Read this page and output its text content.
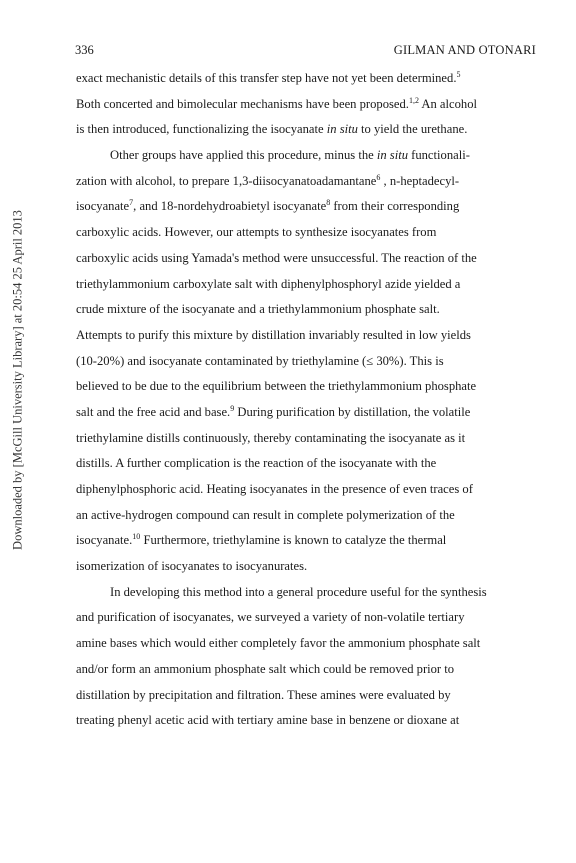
336	GILMAN AND OTONARI
Downloaded by [McGill University Library] at 20:54 25 April 2013
exact mechanistic details of this transfer step have not yet been determined.$^5$
Both concerted and bimolecular mechanisms have been proposed.$^{1,2}$ An alcohol
is then introduced, functionalizing the isocyanate in situ to yield the urethane.
Other groups have applied this procedure, minus the in situ functionali-
zation with alcohol, to prepare 1,3-diisocyanatoadamantane$^6$ , n-heptadecyl-
isocyanate$^7$, and 18-nordehydroabietyl isocyanate$^8$ from their corresponding
carboxylic acids. However, our attempts to synthesize isocyanates from
carboxylic acids using Yamada's method were unsuccessful. The reaction of the
triethylammonium carboxylate salt with diphenylphosphoryl azide yielded a
crude mixture of the isocyanate and a triethylammonium phosphate salt.
Attempts to purify this mixture by distillation invariably resulted in low yields
(10-20%) and isocyanate contaminated by triethylamine (≤ 30%). This is
believed to be due to the equilibrium between the triethylammonium phosphate
salt and the free acid and base.$^9$ During purification by distillation, the volatile
triethylamine distills continuously, thereby contaminating the isocyanate as it
distills. A further complication is the reaction of the isocyanate with the
diphenylphosphoric acid. Heating isocyanates in the presence of even traces of
an active-hydrogen compound can result in complete polymerization of the
isocyanate.$^{10}$ Furthermore, triethylamine is known to catalyze the thermal
isomerization of isocyanates to isocyanurates.
In developing this method into a general procedure useful for the synthesis
and purification of isocyanates, we surveyed a variety of non-volatile tertiary
amine bases which would either completely favor the ammonium phosphate salt
and/or form an ammonium phosphate salt which could be removed prior to
distillation by precipitation and filtration. These amines were evaluated by
treating phenyl acetic acid with tertiary amine base in benzene or dioxane at
